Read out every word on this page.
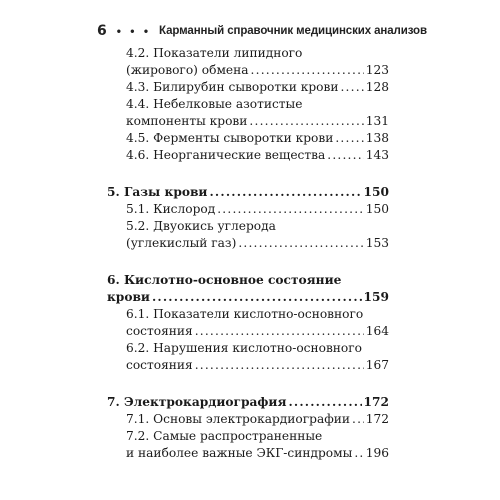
6 • • • Карманный справочник медицинских анализов
4.2. Показатели липидного
(жирового) обмена .....	123
4.3. Билирубин сыворотки крови ..... 128
4.4. Небелковые азотистые
компоненты крови .....	131
4.5. Ферменты сыворотки крови .....	138
4.6. Неорганические вещества .....	143
5. Газы крови .....	150
5.1. Кислород .....	150
5.2. Двуокись углерода
(углекислый газ) .....	153
6. Кислотно-основное состояние
крови .....	159
6.1. Показатели кислотно-основного
состояния .....	164
6.2. Нарушения кислотно-основного
состояния .....	167
7. Электрокардиография .....	172
7.1. Основы электрокардиографии ..... 172
7.2. Самые распространенные
и наиболее важные ЭКГ-синдромы ..... 196
